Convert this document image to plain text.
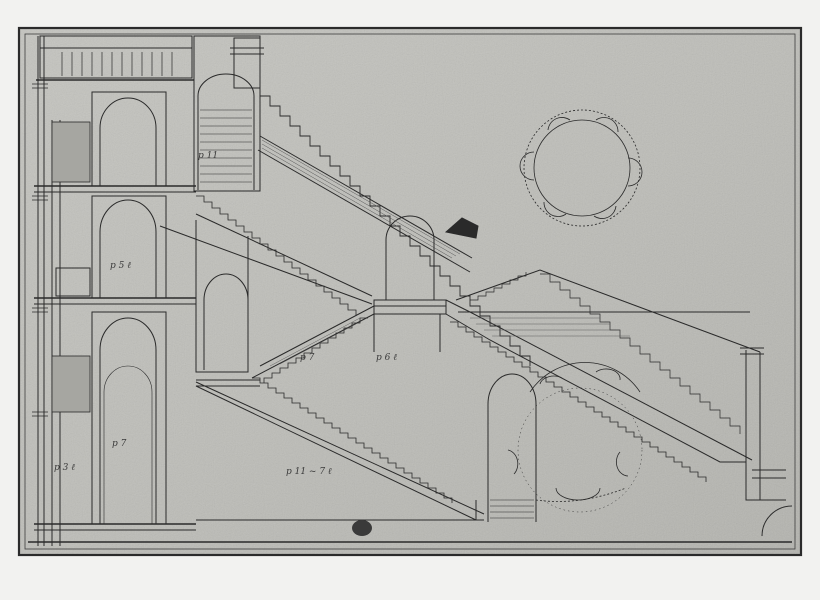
p 5 ℓ
p 11
p 7	p 6 ℓ
p 7
p 3 ℓ	p 11 ~ 7 ℓ
